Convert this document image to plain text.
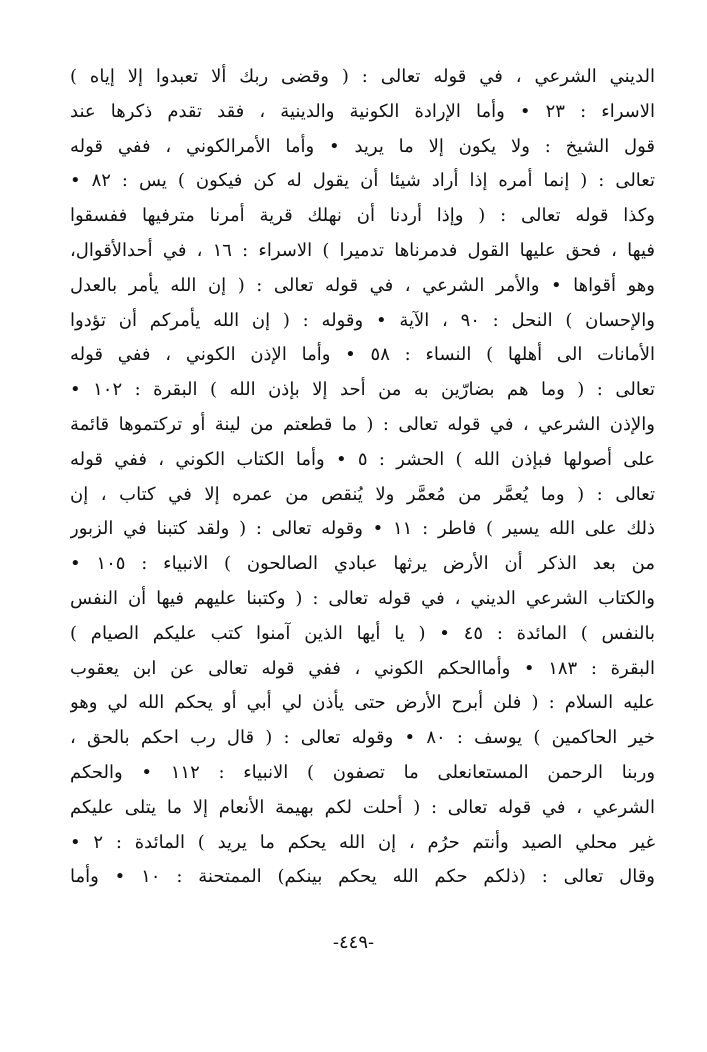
الديني الشرعي ، في قوله تعالى : ( وقضى ربك ألا تعبدوا إلا إياه )
الاسراء : ٢٣ • وأما الإرادة الكونية والدينية ، فقد تقدم ذكرها عند
قول الشيخ : ولا يكون إلا ما يريد • وأما الأمرالكوني ، ففي قوله
تعالى : ( إنما أمره إذا أراد شيئا أن يقول له كن فيكون ) يس : ٨٢ •
وكذا قوله تعالى : ( وإذا أردنا أن نهلك قرية أمرنا مترفيها ففسقوا
فيها ، فحق عليها القول فدمرناها تدميرا ) الاسراء : ١٦ ، في أحدالأقوال،
وهو أقواها • والأمر الشرعي ، في قوله تعالى : ( إن الله يأمر بالعدل
والإحسان ) النحل : ٩٠ ، الآية • وقوله : ( إن الله يأمركم أن تؤدوا
الأمانات الى أهلها ) النساء : ٥٨ • وأما الإذن الكوني ، ففي قوله
تعالى : ( وما هم بضارّين به من أحد إلا بإذن الله ) البقرة : ١٠٢ •
والإذن الشرعي ، في قوله تعالى : ( ما قطعتم من لينة أو تركتموها قائمة
على أصولها فبإذن الله ) الحشر : ٥ • وأما الكتاب الكوني ، ففي قوله
تعالى : ( وما يُعمَّر من مُعمَّر ولا يُنقص من عمره إلا في كتاب ، إن
ذلك على الله يسير ) فاطر : ١١ • وقوله تعالى : ( ولقد كتبنا في الزبور
من بعد الذكر أن الأرض يرثها عبادي الصالحون ) الانبياء : ١٠٥ •
والكتاب الشرعي الديني ، في قوله تعالى : ( وكتبنا عليهم فيها أن النفس
بالنفس ) المائدة : ٤٥ • ( يا أيها الذين آمنوا كتب عليكم الصيام )
البقرة : ١٨٣ • وأماالحكم الكوني ، ففي قوله تعالى عن ابن يعقوب
عليه السلام : ( فلن أبرح الأرض حتى يأذن لي أبي أو يحكم الله لي وهو
خير الحاكمين ) يوسف : ٨٠ • وقوله تعالى : ( قال رب احكم بالحق ،
وربنا الرحمن المستعانعلى ما تصفون ) الانبياء : ١١٢ • والحكم
الشرعي ، في قوله تعالى : ( أحلت لكم بهيمة الأنعام إلا ما يتلى عليكم
غير محلي الصيد وأنتم حرُم ، إن الله يحكم ما يريد ) المائدة : ٢ •
وقال تعالى : (ذلكم حكم الله يحكم بينكم) الممتحنة : ١٠ • وأما
-٤٤٩-
